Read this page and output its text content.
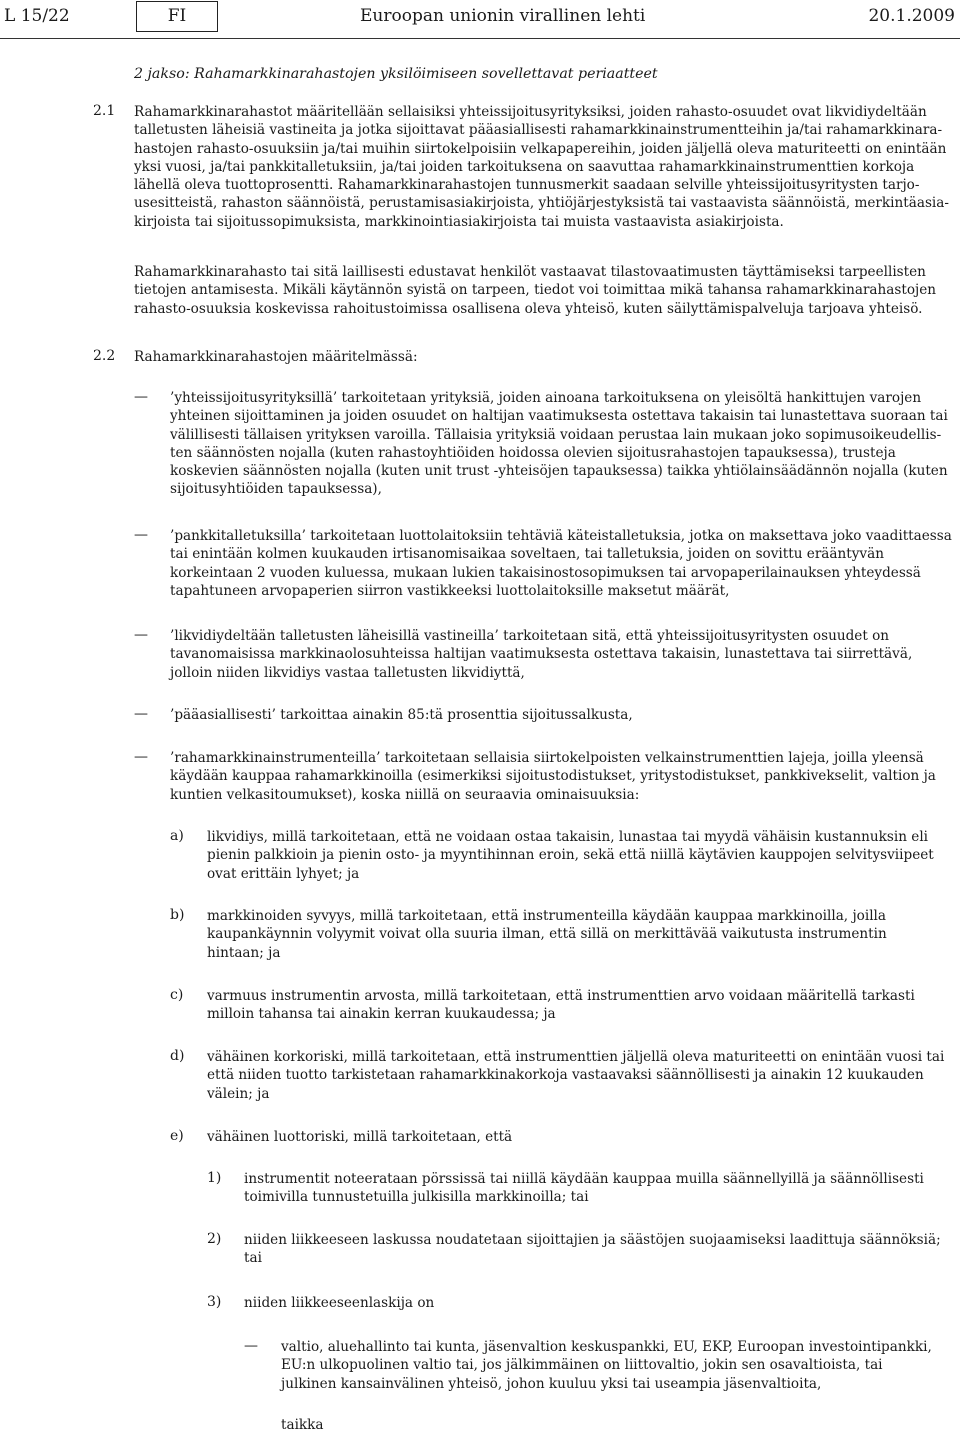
L 15/22	FI	Euroopan unionin virallinen lehti	20.1.2009
2 jakso: Rahamarkkinarahastojen yksilöimiseen sovellettavat periaatteet
2.1 Rahamarkkinarahastot määritellään sellaisiksi yhteissijoitusyrityksiksi, joiden rahasto-osuudet ovat likvidiydeltään
talletusten läheisiä vastineita ja jotka sijoittavat pääasiallisesti rahamarkkinainstrumentteihin ja/tai rahamarkkinara-
hastojen rahasto-osuuksiin ja/tai muihin siirtokelpoisiin velkapapereihin, joiden jäljellä oleva maturiteetti on enintään
yksi vuosi, ja/tai pankkitalletuksiin, ja/tai joiden tarkoituksena on saavuttaa rahamarkkinainstrumenttien korkoja
lähellä oleva tuottoprosentti. Rahamarkkinarahastojen tunnusmerkit saadaan selville yhteissijoitusyritysten tarjo-
usesitteistä, rahaston säännöistä, perustamisasiakirjoista, yhtiöjärjestyksistä tai vastaavista säännöistä, merkintäasia-
kirjoista tai sijoitussopimuksista, markkinointiasiakirjoista tai muista vastaavista asiakirjoista.
Rahamarkkinarahasto tai sitä laillisesti edustavat henkilöt vastaavat tilastovaatimusten täyttämiseksi tarpeellisten
tietojen antamisesta. Mikäli käytännön syistä on tarpeen, tiedot voi toimittaa mikä tahansa rahamarkkinarahastojen
rahasto-osuuksia koskevissa rahoitustoimissa osallisena oleva yhteisö, kuten säilyttämispalveluja tarjoava yhteisö.
2.2 Rahamarkkinarahastojen määritelmässä:
— ’yhteissijoitusyrityksillä’ tarkoitetaan yrityksiä, joiden ainoana tarkoituksena on yleisöltä hankittujen varojen
yhteinen sijoittaminen ja joiden osuudet on haltijan vaatimuksesta ostettava takaisin tai lunastettava suoraan tai
välillisesti tällaisen yrityksen varoilla. Tällaisia yrityksiä voidaan perustaa lain mukaan joko sopimusoikeudellis-
ten säännösten nojalla (kuten rahastoyhtiöiden hoidossa olevien sijoitusrahastojen tapauksessa), trusteja
koskevien säännösten nojalla (kuten unit trust -yhteisöjen tapauksessa) taikka yhtiölainsäädännön nojalla (kuten
sijoitusyhtiöiden tapauksessa),
— ’pankkitalletuksilla’ tarkoitetaan luottolaitoksiin tehtäviä käteistalletuksia, jotka on maksettava joko vaadittaessa
tai enintään kolmen kuukauden irtisanomisaikaa soveltaen, tai talletuksia, joiden on sovittu erääntyvän
korkeintaan 2 vuoden kuluessa, mukaan lukien takaisinostosopimuksen tai arvopaperilainauksen yhteydessä
tapahtuneen arvopaperien siirron vastikkeeksi luottolaitoksille maksetut määrät,
— ’likvidiydeltään talletusten läheisillä vastineilla’ tarkoitetaan sitä, että yhteissijoitusyritysten osuudet on
tavanomaisissa markkinaolosuhteissa haltijan vaatimuksesta ostettava takaisin, lunastettava tai siirrettävä,
jolloin niiden likvidiys vastaa talletusten likvidiyttä,
— ’pääasiallisesti’ tarkoittaa ainakin 85:tä prosenttia sijoitussalkusta,
— ’rahamarkkinainstrumenteilla’ tarkoitetaan sellaisia siirtokelpoisten velkainstrumenttien lajeja, joilla yleensä
käydään kauppaa rahamarkkinoilla (esimerkiksi sijoitustodistukset, yritystodistukset, pankkivekselit, valtion ja
kuntien velkasitoumukset), koska niillä on seuraavia ominaisuuksia:
a) likvidiys, millä tarkoitetaan, että ne voidaan ostaa takaisin, lunastaa tai myydä vähäisin kustannuksin eli
pienin palkkioin ja pienin osto- ja myyntihinnan eroin, sekä että niillä käytävien kauppojen selvitysviipeet
ovat erittäin lyhyet; ja
b) markkinoiden syvyys, millä tarkoitetaan, että instrumenteilla käydään kauppaa markkinoilla, joilla
kaupankäynnin volyymit voivat olla suuria ilman, että sillä on merkittävää vaikutusta instrumentin
hintaan; ja
c) varmuus instrumentin arvosta, millä tarkoitetaan, että instrumenttien arvo voidaan määritellä tarkasti
milloin tahansa tai ainakin kerran kuukaudessa; ja
d) vähäinen korkoriski, millä tarkoitetaan, että instrumenttien jäljellä oleva maturiteetti on enintään vuosi tai
että niiden tuotto tarkistetaan rahamarkkinakorkoja vastaavaksi säännöllisesti ja ainakin 12 kuukauden
välein; ja
e) vähäinen luottoriski, millä tarkoitetaan, että
1) instrumentit noteerataan pörssissä tai niillä käydään kauppaa muilla säännellyillä ja säännöllisesti
toimivilla tunnustetuilla julkisilla markkinoilla; tai
2) niiden liikkeeseen laskussa noudatetaan sijoittajien ja säästöjen suojaamiseksi laadittuja säännöksiä;
tai
3) niiden liikkeeseenlaskija on
— valtio, aluehallinto tai kunta, jäsenvaltion keskuspankki, EU, EKP, Euroopan investointipankki,
EU:n ulkopuolinen valtio tai, jos jälkimmäinen on liittovaltio, jokin sen osavaltioista, tai
julkinen kansainvälinen yhteisö, johon kuuluu yksi tai useampia jäsenvaltioita,
taikka
